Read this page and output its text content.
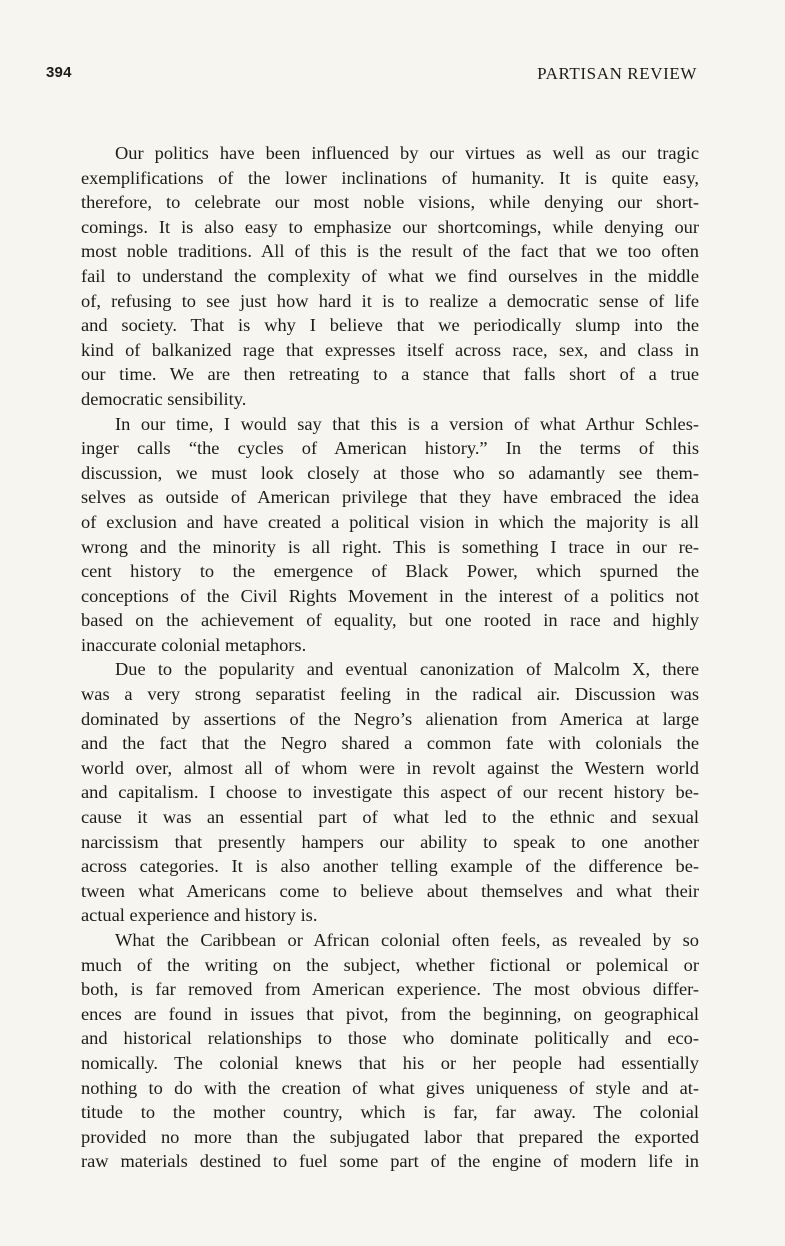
394	PARTISAN REVIEW

Our politics have been influenced by our virtues as well as our tragic
exemplifications of the lower inclinations of humanity. It is quite easy,
therefore, to celebrate our most noble visions, while denying our short-
comings. It is also easy to emphasize our shortcomings, while denying our
most noble traditions. All of this is the result of the fact that we too often
fail to understand the complexity of what we find ourselves in the middle
of, refusing to see just how hard it is to realize a democratic sense of life
and society. That is why I believe that we periodically slump into the
kind of balkanized rage that expresses itself across race, sex, and class in
our time. We are then retreating to a stance that falls short of a true
democratic sensibility.

In our time, I would say that this is a version of what Arthur Schles-
inger calls “the cycles of American history.” In the terms of this
discussion, we must look closely at those who so adamantly see them-
selves as outside of American privilege that they have embraced the idea
of exclusion and have created a political vision in which the majority is all
wrong and the minority is all right. This is something I trace in our re-
cent history to the emergence of Black Power, which spurned the
conceptions of the Civil Rights Movement in the interest of a politics not
based on the achievement of equality, but one rooted in race and highly
inaccurate colonial metaphors.

Due to the popularity and eventual canonization of Malcolm X, there
was a very strong separatist feeling in the radical air. Discussion was
dominated by assertions of the Negro’s alienation from America at large
and the fact that the Negro shared a common fate with colonials the
world over, almost all of whom were in revolt against the Western world
and capitalism. I choose to investigate this aspect of our recent history be-
cause it was an essential part of what led to the ethnic and sexual
narcissism that presently hampers our ability to speak to one another
across categories. It is also another telling example of the difference be-
tween what Americans come to believe about themselves and what their
actual experience and history is.

What the Caribbean or African colonial often feels, as revealed by so
much of the writing on the subject, whether fictional or polemical or
both, is far removed from American experience. The most obvious differ-
ences are found in issues that pivot, from the beginning, on geographical
and historical relationships to those who dominate politically and eco-
nomically. The colonial knews that his or her people had essentially
nothing to do with the creation of what gives uniqueness of style and at-
titude to the mother country, which is far, far away. The colonial
provided no more than the subjugated labor that prepared the exported
raw materials destined to fuel some part of the engine of modern life in
